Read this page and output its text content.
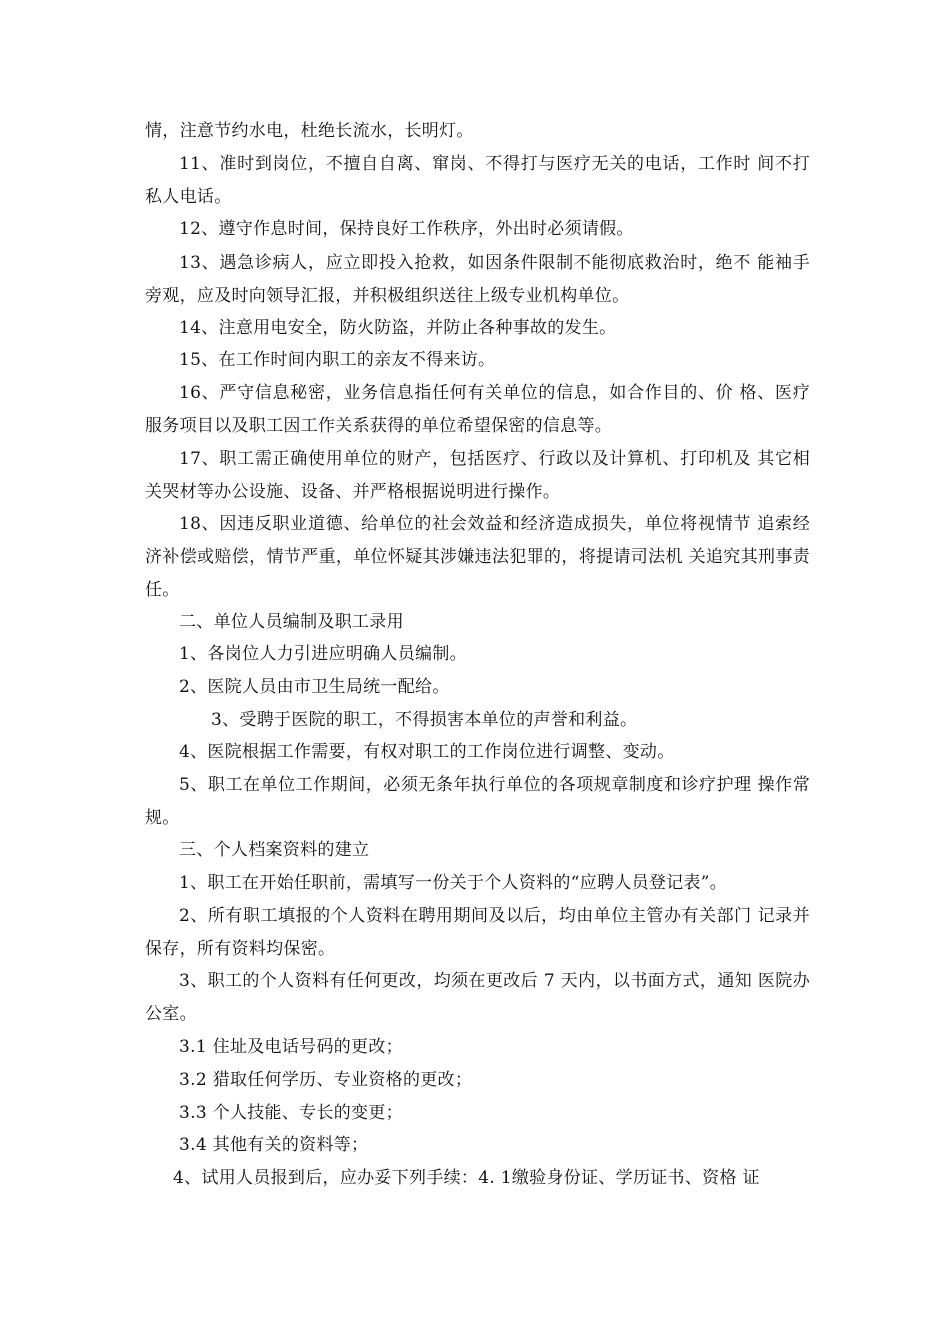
情，注意节约水电，杜绝长流水，长明灯。

11、准时到岗位，不擅自自离、窜岗、不得打与医疗无关的电话，工作时 间不打私人电话。

12、遵守作息时间，保持良好工作秩序，外出时必须请假。

13、遇急诊病人，应立即投入抢救，如因条件限制不能彻底救治时，绝不 能袖手旁观，应及时向领导汇报，并积极组织送往上级专业机构单位。

14、注意用电安全，防火防盗，并防止各种事故的发生。

15、在工作时间内职工的亲友不得来访。

16、严守信息秘密，业务信息指任何有关单位的信息，如合作目的、价 格、医疗服务项目以及职工因工作关系获得的单位希望保密的信息等。

17、职工需正确使用单位的财产，包括医疗、行政以及计算机、打印机及 其它相关哭材等办公设施、设备、并严格根据说明进行操作。

18、因违反职业道德、给单位的社会效益和经济造成损失，单位将视情节 追索经济补偿或赔偿，情节严重，单位怀疑其涉嫌违法犯罪的，将提请司法机 关追究其刑事责任。

二、单位人员编制及职工录用

1、各岗位人力引进应明确人员编制。

2、医院人员由市卫生局统一配给。

3、受聘于医院的职工，不得损害本单位的声誉和利益。

4、医院根据工作需要，有权对职工的工作岗位进行调整、变动。

5、职工在单位工作期间，必须无条年执行单位的各项规章制度和诊疗护理 操作常规。

三、个人档案资料的建立

1、职工在开始任职前，需填写一份关于个人资料的“应聘人员登记表”。

2、所有职工填报的个人资料在聘用期间及以后，均由单位主管办有关部门 记录并保存，所有资料均保密。

3、职工的个人资料有任何更改，均须在更改后 7 天内，以书面方式，通知 医院办公室。

3.1 住址及电话号码的更改；

3.2 猎取任何学历、专业资格的更改；

3.3 个人技能、专长的变更；

3.4 其他有关的资料等；

4、试用人员报到后，应办妥下列手续：4. 1缴验身份证、学历证书、资格 证
